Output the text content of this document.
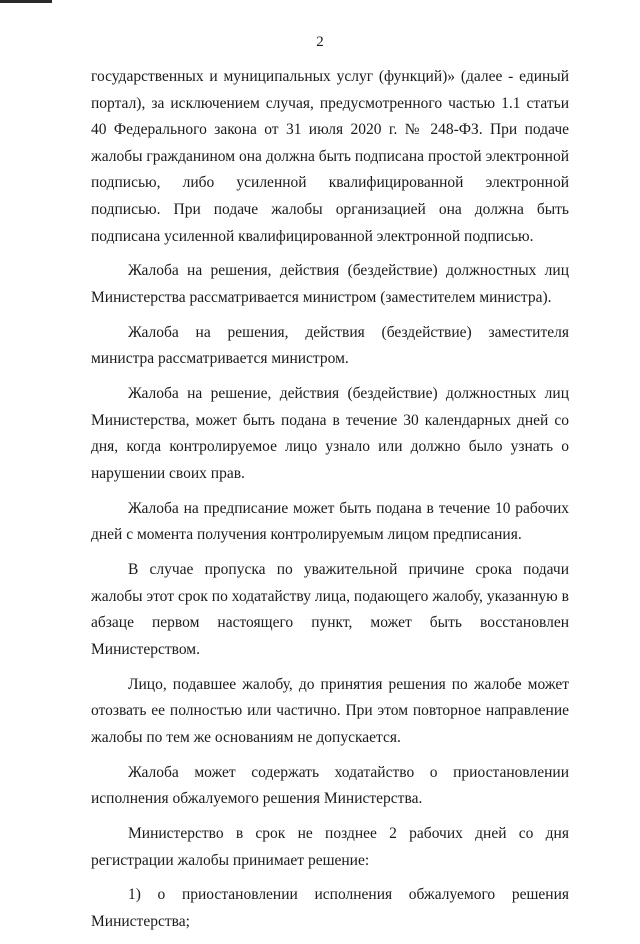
2

государственных и муниципальных услуг (функций)» (далее - единый портал), за исключением случая, предусмотренного частью 1.1 статьи 40 Федерального закона от 31 июля 2020 г. № 248-ФЗ. При подаче жалобы гражданином она должна быть подписана простой электронной подписью, либо усиленной квалифицированной электронной подписью. При подаче жалобы организацией она должна быть подписана усиленной квалифицированной электронной подписью.

Жалоба на решения, действия (бездействие) должностных лиц Министерства рассматривается министром (заместителем министра).

Жалоба на решения, действия (бездействие) заместителя министра рассматривается министром.

Жалоба на решение, действия (бездействие) должностных лиц Министерства, может быть подана в течение 30 календарных дней со дня, когда контролируемое лицо узнало или должно было узнать о нарушении своих прав.

Жалоба на предписание может быть подана в течение 10 рабочих дней с момента получения контролируемым лицом предписания.

В случае пропуска по уважительной причине срока подачи жалобы этот срок по ходатайству лица, подающего жалобу, указанную в абзаце первом настоящего пункт, может быть восстановлен Министерством.

Лицо, подавшее жалобу, до принятия решения по жалобе может отозвать ее полностью или частично. При этом повторное направление жалобы по тем же основаниям не допускается.

Жалоба может содержать ходатайство о приостановлении исполнения обжалуемого решения Министерства.

Министерство в срок не позднее 2 рабочих дней со дня регистрации жалобы принимает решение:

1) о приостановлении исполнения обжалуемого решения Министерства;
